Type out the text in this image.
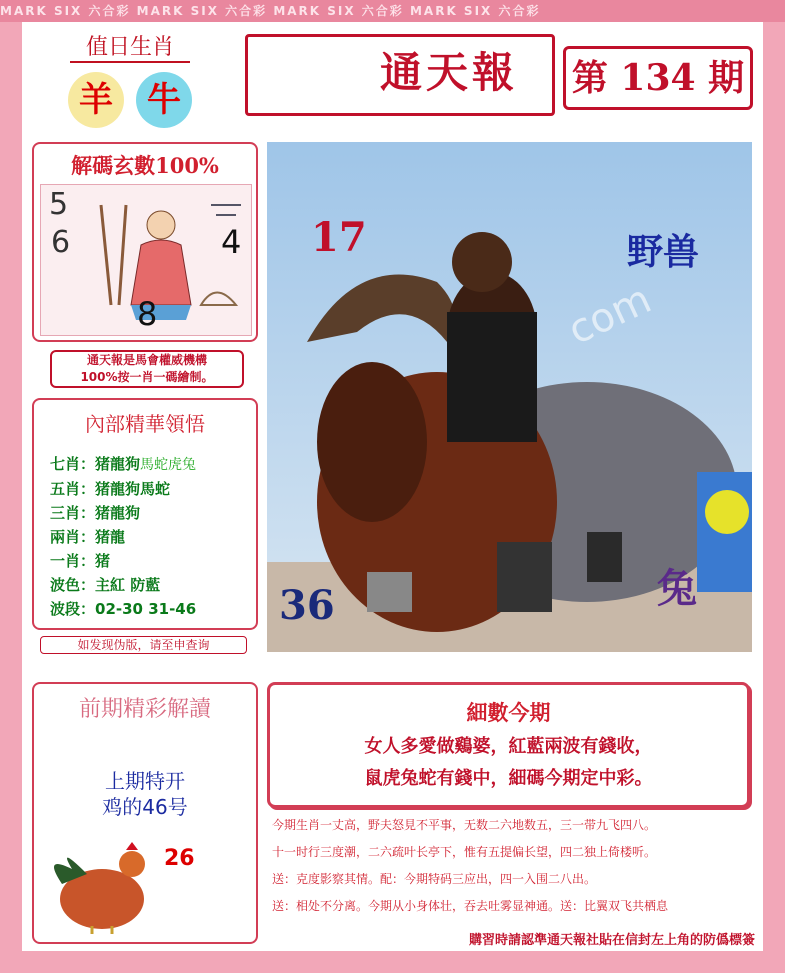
MARK SIX 六合彩 MARK SIX 六合彩 MARK SIX 六合彩 MARK SIX 六合彩
值日生肖
羊	牛
通天報 第 134 期
解碼玄數100%
5
6	4
8
通天報是馬會權威機構
100%按一肖一碼繪制。
內部精華領悟

七肖：猪龍狗馬蛇虎兔

五肖：猪龍狗馬蛇

三肖：猪龍狗

兩肖：猪龍

一肖：猪

波色：主紅 防藍

波段：02-30 31-46

如发现伪版，请至申查询
17
36
野兽
兔
com
前期精彩解讀
上期特开
鸡的46号
26
細數今期
女人多愛做鷄婆，紅藍兩波有錢收，
鼠虎兔蛇有錢中，細碼今期定中彩。
今期生肖一丈高，野夫怒見不平事，无数二六地数五，三一带九飞四八。
十一时行三度潮，二六疏叶长亭下，惟有五提偏长望，四二独上倚楼听。
送：克度影察其情。配：今期特码三应出，四一入围二八出。
送：相处不分离。今期从小身体壮，吞去吐雾显神通。送：比翼双飞共栖息
購習時請認準通天報社貼在信封左上角的防僞標簽
